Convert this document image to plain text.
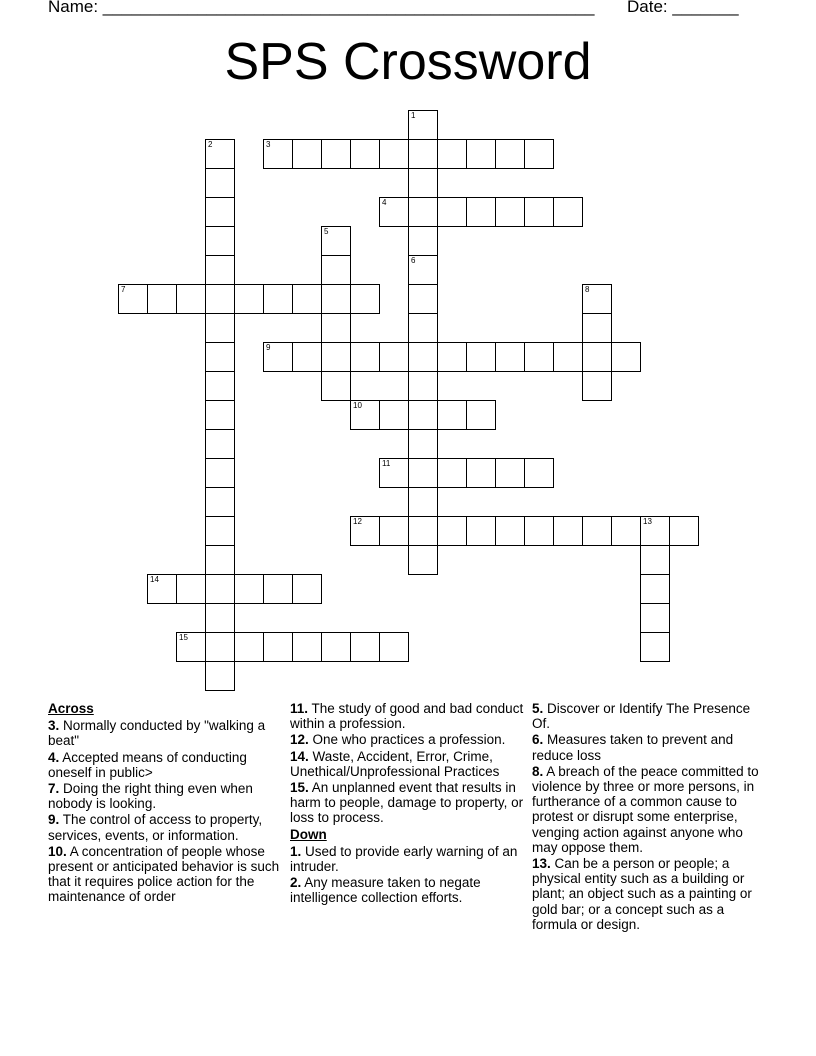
Name: ____________________________________________________ Date: _______
SPS Crossword
1
6
2	3
4
5
7	8
9
10
11
12	13
14
15
Across
3. Normally conducted by "walking a beat"
4. Accepted means of conducting oneself in public>
7. Doing the right thing even when nobody is looking.
9. The control of access to property, services, events, or information.
10. A concentration of people whose present or anticipated behavior is such that it requires police action for the maintenance of order
11. The study of good and bad conduct within a profession.
12. One who practices a profession.
14. Waste, Accident, Error, Crime, Unethical/Unprofessional Practices
15. An unplanned event that results in harm to people, damage to property, or loss to process.
Down
1. Used to provide early warning of an intruder.
2. Any measure taken to negate intelligence collection efforts.
5. Discover or Identify The Presence Of.
6. Measures taken to prevent and reduce loss
8. A breach of the peace committed to violence by three or more persons, in furtherance of a common cause to protest or disrupt some enterprise, venging action against anyone who may oppose them.
13. Can be a person or people; a physical entity such as a building or plant; an object such as a painting or gold bar; or a concept such as a formula or design.
